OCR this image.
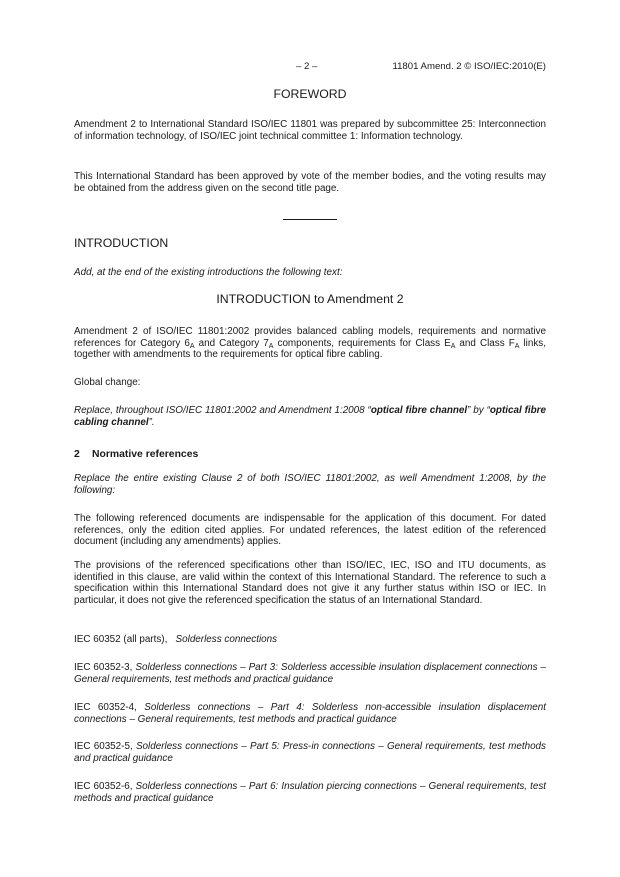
– 2 –	11801 Amend. 2 © ISO/IEC:2010(E)
FOREWORD
Amendment 2 to International Standard ISO/IEC 11801 was prepared by subcommittee 25: Interconnection of information technology, of ISO/IEC joint technical committee 1: Information technology.
This International Standard has been approved by vote of the member bodies, and the voting results may be obtained from the address given on the second title page.
INTRODUCTION
Add, at the end of the existing introductions the following text:
INTRODUCTION to Amendment 2
Amendment 2 of ISO/IEC 11801:2002 provides balanced cabling models, requirements and normative references for Category $6_A$ and Category $7_A$ components, requirements for Class $E_A$ and Class $F_A$ links, together with amendments to the requirements for optical fibre cabling.
Global change:
Replace, throughout ISO/IEC 11801:2002 and Amendment 1:2008 “optical fibre channel” by “optical fibre cabling channel”.
2 Normative references
Replace the entire existing Clause 2 of both ISO/IEC 11801:2002, as well Amendment 1:2008, by the following:
The following referenced documents are indispensable for the application of this document. For dated references, only the edition cited applies. For undated references, the latest edition of the referenced document (including any amendments) applies.
The provisions of the referenced specifications other than ISO/IEC, IEC, ISO and ITU documents, as identified in this clause, are valid within the context of this International Standard. The reference to such a specification within this International Standard does not give it any further status within ISO or IEC. In particular, it does not give the referenced specification the status of an International Standard.
IEC 60352 (all parts), Solderless connections
IEC 60352-3, Solderless connections – Part 3: Solderless accessible insulation displacement connections – General requirements, test methods and practical guidance
IEC 60352-4, Solderless connections – Part 4: Solderless non-accessible insulation displacement connections – General requirements, test methods and practical guidance
IEC 60352-5, Solderless connections – Part 5: Press-in connections – General requirements, test methods and practical guidance
IEC 60352-6, Solderless connections – Part 6: Insulation piercing connections – General requirements, test methods and practical guidance
